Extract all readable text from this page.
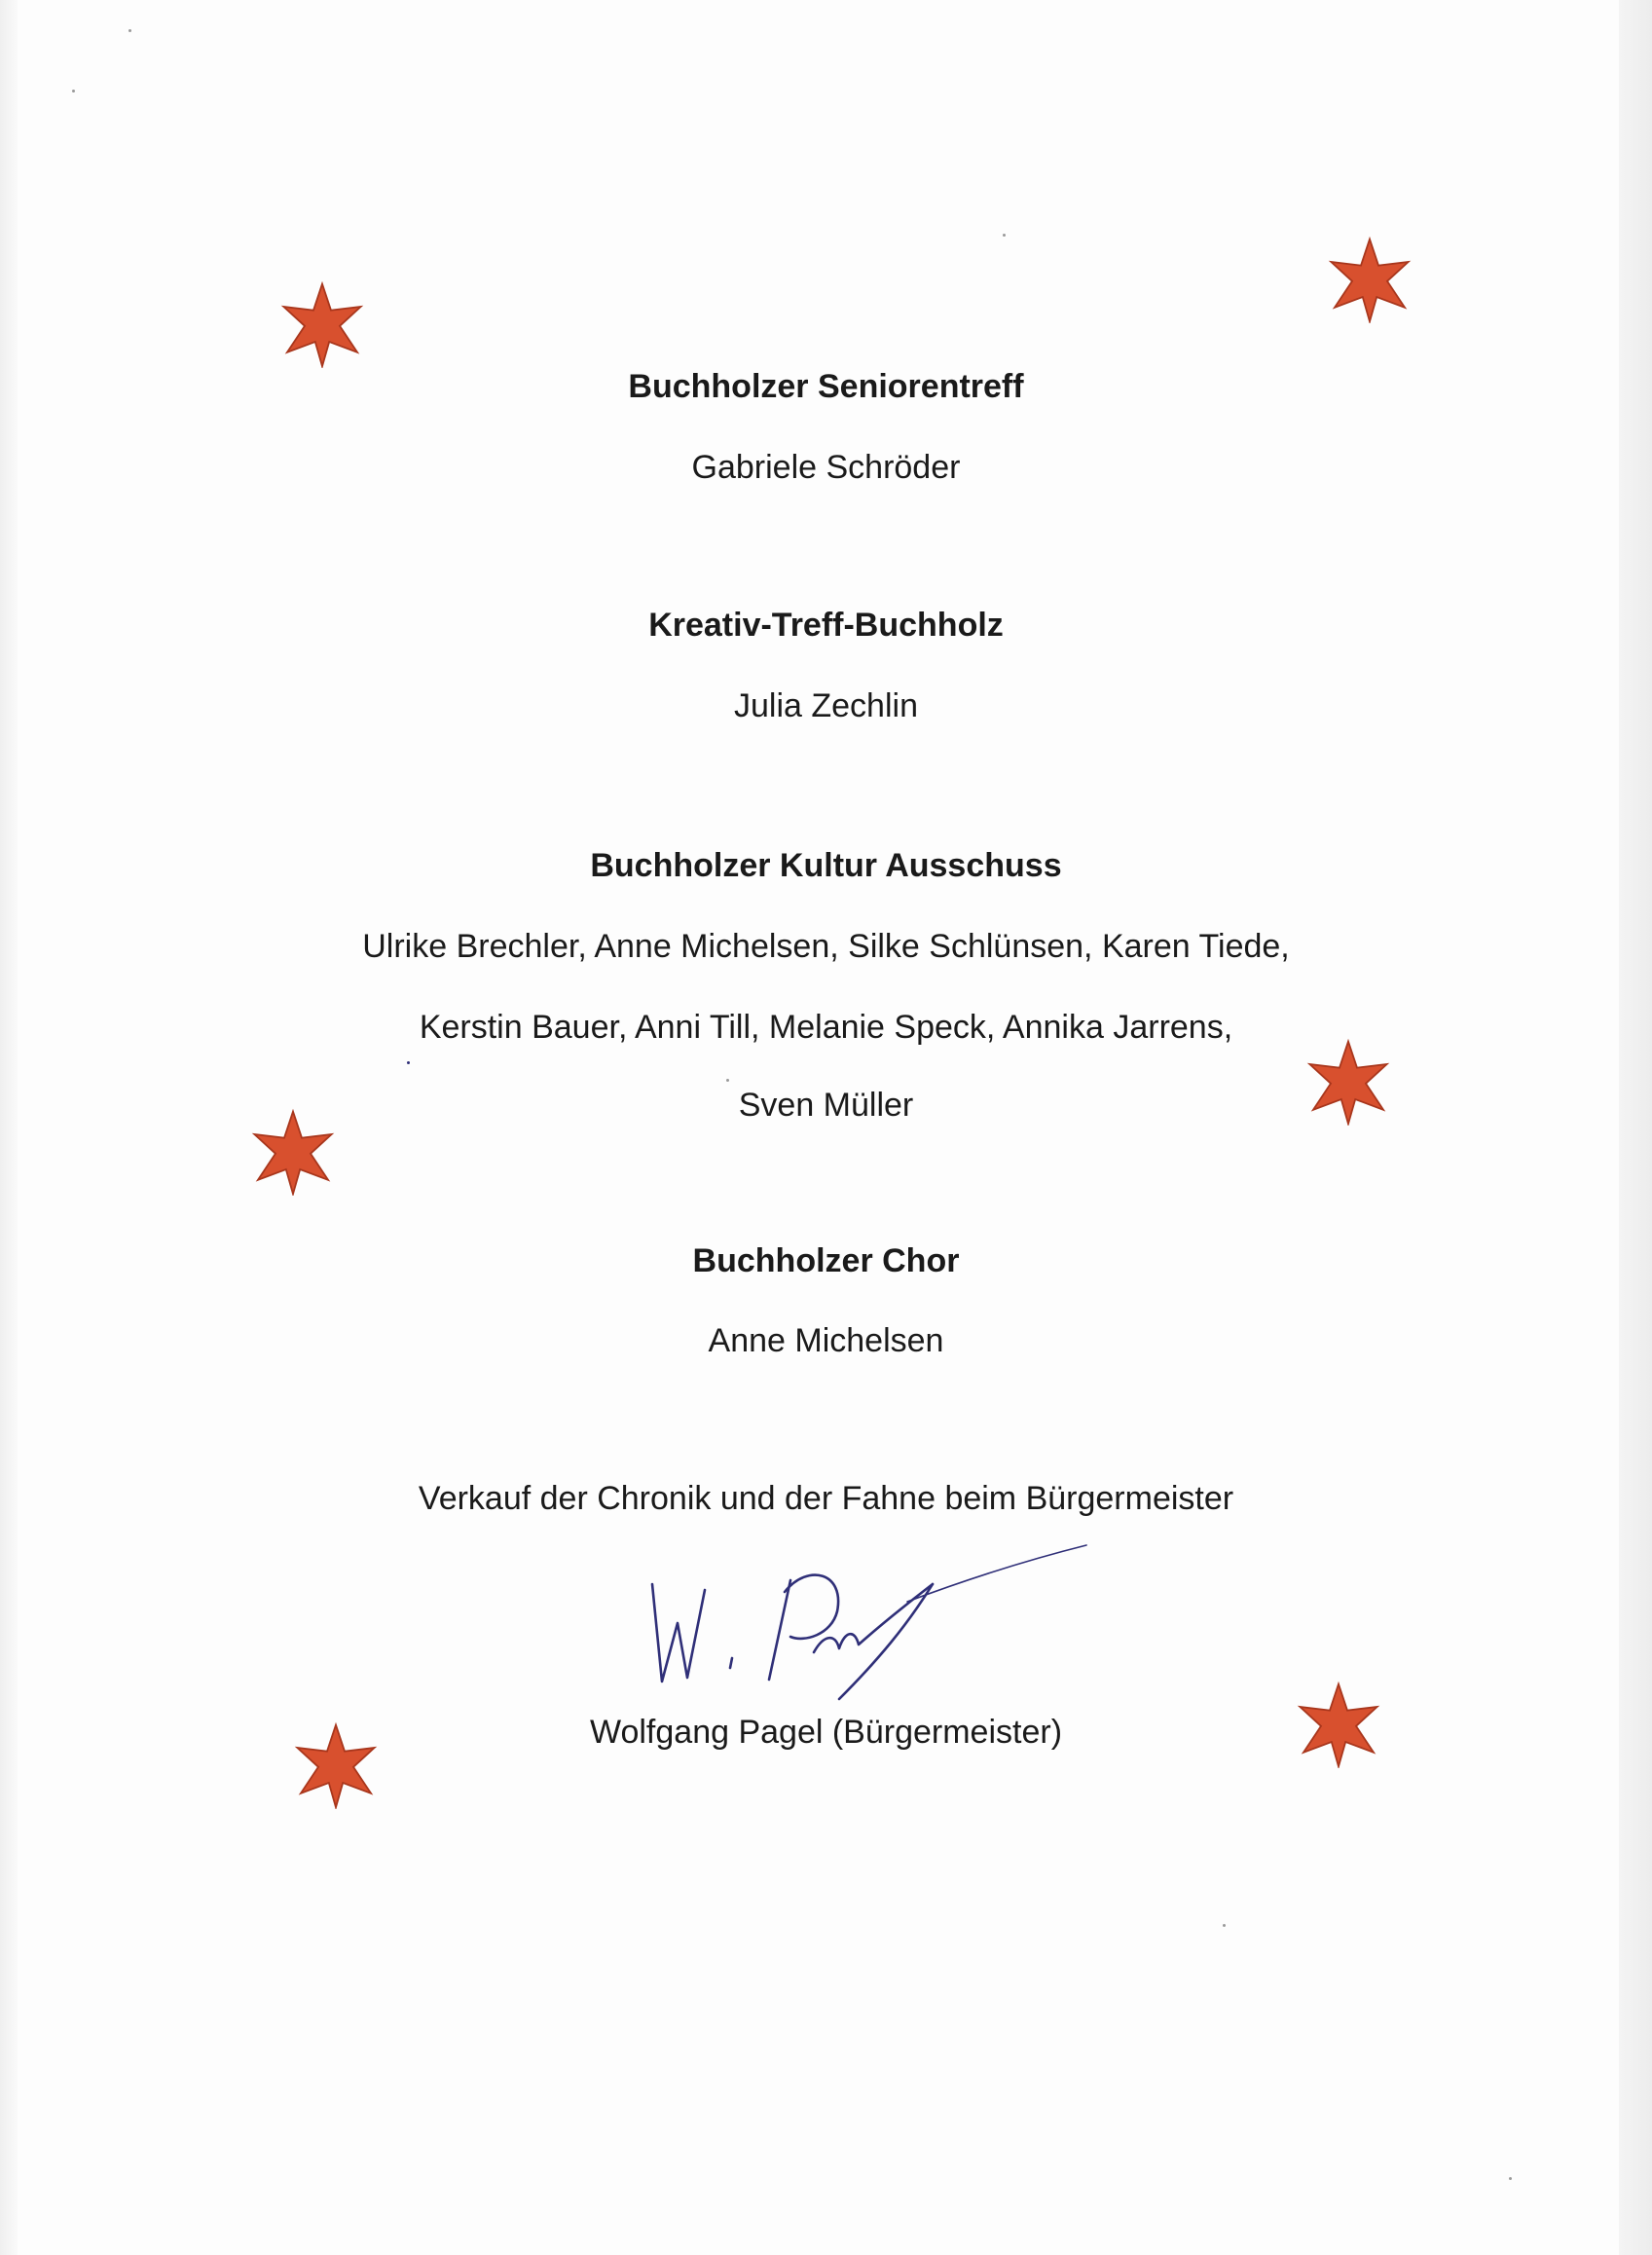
Buchholzer Seniorentreff
Gabriele Schröder
Kreativ-Treff-Buchholz
Julia Zechlin
Buchholzer Kultur Ausschuss
Ulrike Brechler, Anne Michelsen, Silke Schlünsen, Karen Tiede,
Kerstin Bauer, Anni Till, Melanie Speck, Annika Jarrens,
Sven Müller
Buchholzer Chor
Anne Michelsen
Verkauf der Chronik und der Fahne beim Bürgermeister
Wolfgang Pagel (Bürgermeister)
